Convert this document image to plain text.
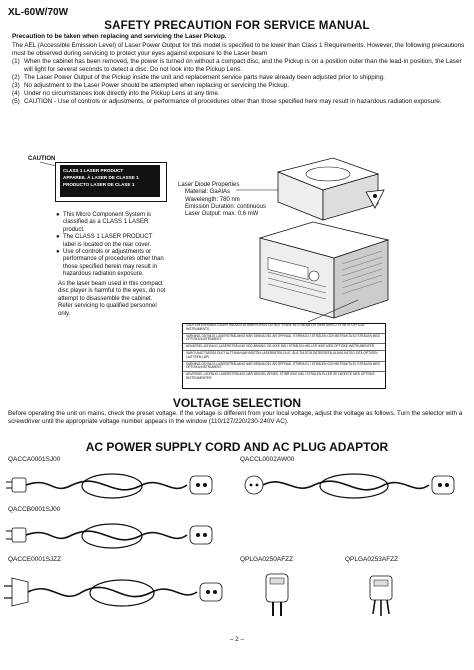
XL-60W/70W
SAFETY PRECAUTION FOR SERVICE MANUAL
Precaution to be taken when replacing and servicing the Laser Pickup.
The AEL (Accessible Emission Level) of Laser Power Output for this model is specified to be lower than Class 1 Requirements. However, the following precautions must be observed during servicing to protect your eyes against exposure to the Laser beam
(1) When the cabinet has been removed, the power is turned on without a compact disc, and the Pickup is on a position outer than the lead-in position, the Laser will light for several seconds to detect a disc. Do not look into the Pickup Lens.
(2) The Laser Power Output of the Pickup inside the unit and replacement service parts have already been adjusted prior to shipping.
(3) No adjustment to the Laser Power should be attempted when replacing or servicing the Pickup.
(4) Under no circumstances look directly into the Pickup Lens at any time.
(5) CAUTION - Use of controls or adjustments, or performance of procedures other than those specified here may result in hazardous radiation exposure.
CAUTION
CLASS 1 LASER PRODUCT
APPAREIL À LASER DE CLASSE 1
PRODUCTO LASER DE CLASE 1
● This Micro Component System is classified as a CLASS 1 LASER product.
● The CLASS 1 LASER PRODUCT label is located on the rear cover.
● Use of controls or adjustments or performance of procedures other than those specified herein may result in hazardous radiation exposure.
As the laser beam used in this compact disc player is harmful to the eyes, do not attempt to disassemble the cabinet. Refer servicing to qualified personnel only.
Laser Diode Properties
Material: GaAlAs
Wavelength: 780 nm
Emission Duration: continuous
Laser Output: max. 0.6 mW
CAUTION-INVISIBLE LASER RADIATION WHEN OPEN. DO NOT STARE INTO BEAM OR VIEW DIRECTLY WITH OPTICAL INSTRUMENTS.
VARNING-OSYNLIG LASERSTRÅLNING NÄR DENNA DEL ÄR ÖPPNAD. STIRRA EJ I STRÅLEN OCH BETRAKTA EJ STRÅLEN MED OPTISKA INSTRUMENT.
ADVARSEL-USYNLIG LASERSTRÅLING VED ÅBNING. SE IKKE IND I STRÅLEN-HELLER IKKE MED OPTISKE INSTRUMENTER.
VARO! AVATTAESSA OLET ALTTIINA NÄKYMÄTÖN LASERSÄTEILYLLE. ÄLÄ TUIJOTA SÄTEESEEN ÄLÄKÄ KATSO SITÄ OPTISEN LAITTEEN LÄPI.
VARNING-OSYNLIG LASERSTRÅLNING NÄR DENNA DEL ÄR ÖPPNAD. STIRRA EJ I STRÅLEN OCH BETRAKTA EJ STRÅLEN MED OPTISKA INSTRUMENT.
ADVERSEL-USYNLIG LASERSTRÅLING NÅR DEKSEL ÅPNES. STIRR IKKE INN I STRÅLEN ELLER SE DIREKTE MED OPTISKE INSTRUMENTER.
VOLTAGE SELECTION
Before operating the unit on mains, check the preset voltage. If the voltage is different from your local voltage, adjust the voltage as follows. Turn the selector with a screwdriver until the appropriate voltage number appears in the window (110/127/220/230-240V AC).
AC POWER SUPPLY CORD AND AC PLUG ADAPTOR
QACCA0001SJ00	QACCL0002AW00
QACCB0001SJ00
QACCE0001SJZZ	QPLGA0250AFZZ	QPLGA0253AFZZ
– 2 –
